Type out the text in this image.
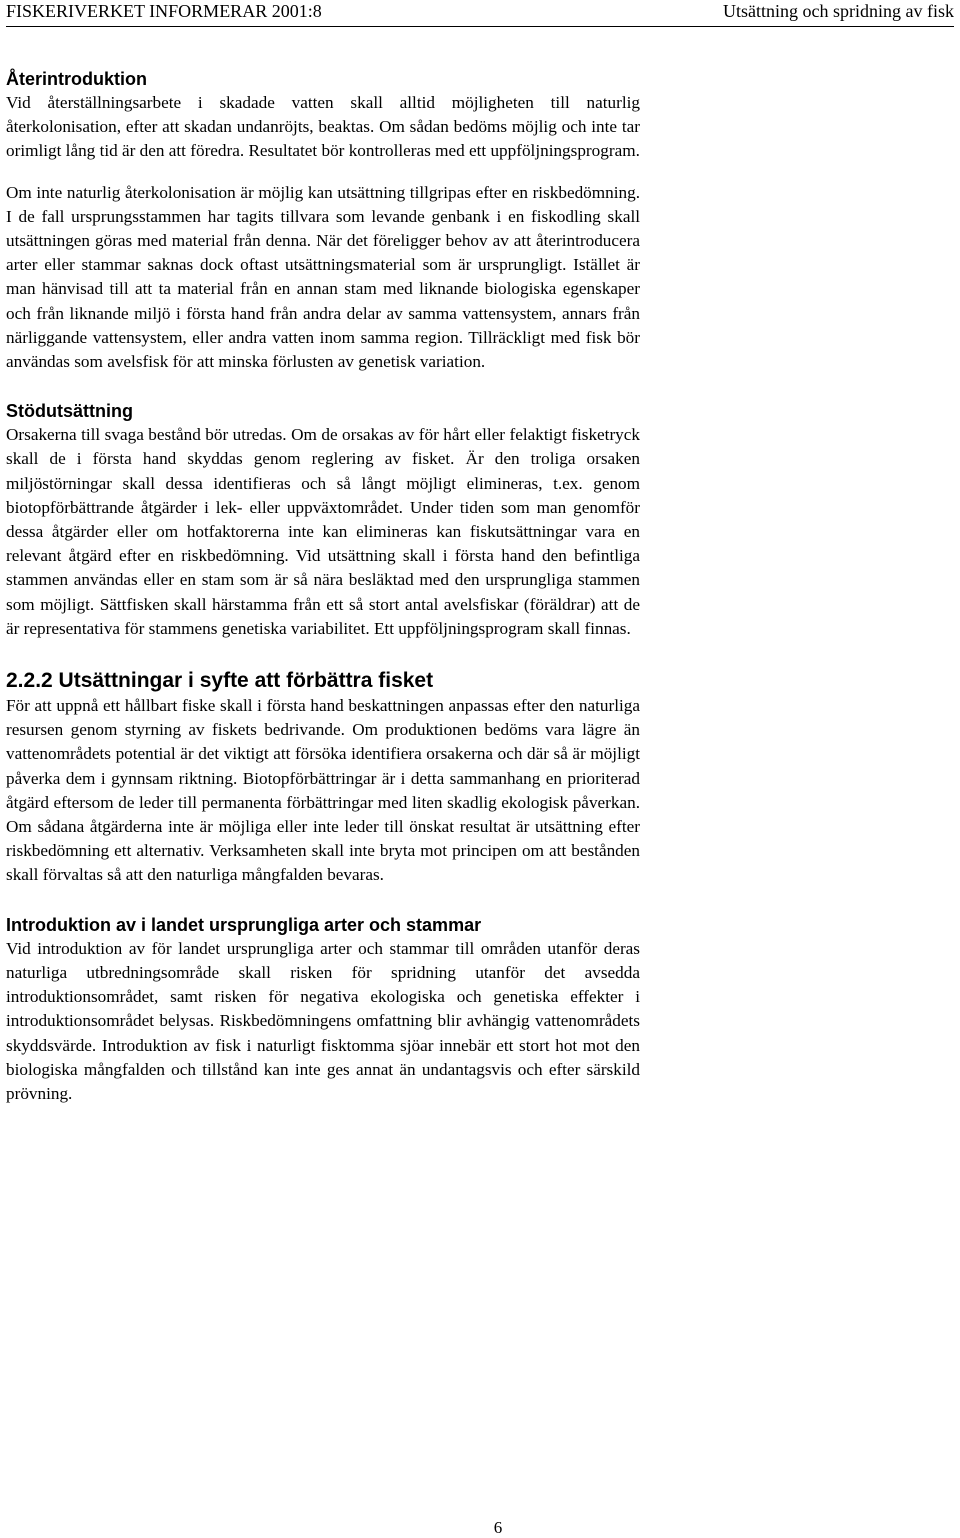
FISKERIVERKET INFORMERAR 2001:8	Utsättning och spridning av fisk
Återintroduktion

Vid återställningsarbete i skadade vatten skall alltid möjligheten till naturlig återkolonisation, efter att skadan undanröjts, beaktas. Om sådan bedöms möjlig och inte tar orimligt lång tid är den att föredra. Resultatet bör kontrolleras med ett uppföljningsprogram.

Om inte naturlig återkolonisation är möjlig kan utsättning tillgripas efter en riskbedömning. I de fall ursprungsstammen har tagits tillvara som levande genbank i en fiskodling skall utsättningen göras med material från denna. När det föreligger behov av att återintroducera arter eller stammar saknas dock oftast utsättningsmaterial som är ursprungligt. Istället är man hänvisad till att ta material från en annan stam med liknande biologiska egenskaper och från liknande miljö i första hand från andra delar av samma vattensystem, annars från närliggande vattensystem, eller andra vatten inom samma region. Tillräckligt med fisk bör användas som avelsfisk för att minska förlusten av genetisk variation.

Stödutsättning

Orsakerna till svaga bestånd bör utredas. Om de orsakas av för hårt eller felaktigt fisketryck skall de i första hand skyddas genom reglering av fisket. Är den troliga orsaken miljöstörningar skall dessa identifieras och så långt möjligt elimineras, t.ex. genom biotopförbättrande åtgärder i lek- eller uppväxtområdet. Under tiden som man genomför dessa åtgärder eller om hotfaktorerna inte kan elimineras kan fiskutsättningar vara en relevant åtgärd efter en riskbedömning. Vid utsättning skall i första hand den befintliga stammen användas eller en stam som är så nära besläktad med den ursprungliga stammen som möjligt. Sättfisken skall härstamma från ett så stort antal avelsfiskar (föräldrar) att de är representativa för stammens genetiska variabilitet. Ett uppföljningsprogram skall finnas.

2.2.2 Utsättningar i syfte att förbättra fisket

För att uppnå ett hållbart fiske skall i första hand beskattningen anpassas efter den naturliga resursen genom styrning av fiskets bedrivande. Om produktionen bedöms vara lägre än vattenområdets potential är det viktigt att försöka identifiera orsakerna och där så är möjligt påverka dem i gynnsam riktning. Biotopförbättringar är i detta sammanhang en prioriterad åtgärd eftersom de leder till permanenta förbättringar med liten skadlig ekologisk påverkan. Om sådana åtgärderna inte är möjliga eller inte leder till önskat resultat är utsättning efter riskbedömning ett alternativ. Verksamheten skall inte bryta mot principen om att bestånden skall förvaltas så att den naturliga mångfalden bevaras.

Introduktion av i landet ursprungliga arter och stammar

Vid introduktion av för landet ursprungliga arter och stammar till områden utanför deras naturliga utbredningsområde skall risken för spridning utanför det avsedda introduktionsområdet, samt risken för negativa ekologiska och genetiska effekter i introduktionsområdet belysas. Riskbedömningens omfattning blir avhängig vattenområdets skyddsvärde. Introduktion av fisk i naturligt fisktomma sjöar innebär ett stort hot mot den biologiska mångfalden och tillstånd kan inte ges annat än undantagsvis och efter särskild prövning.

6
